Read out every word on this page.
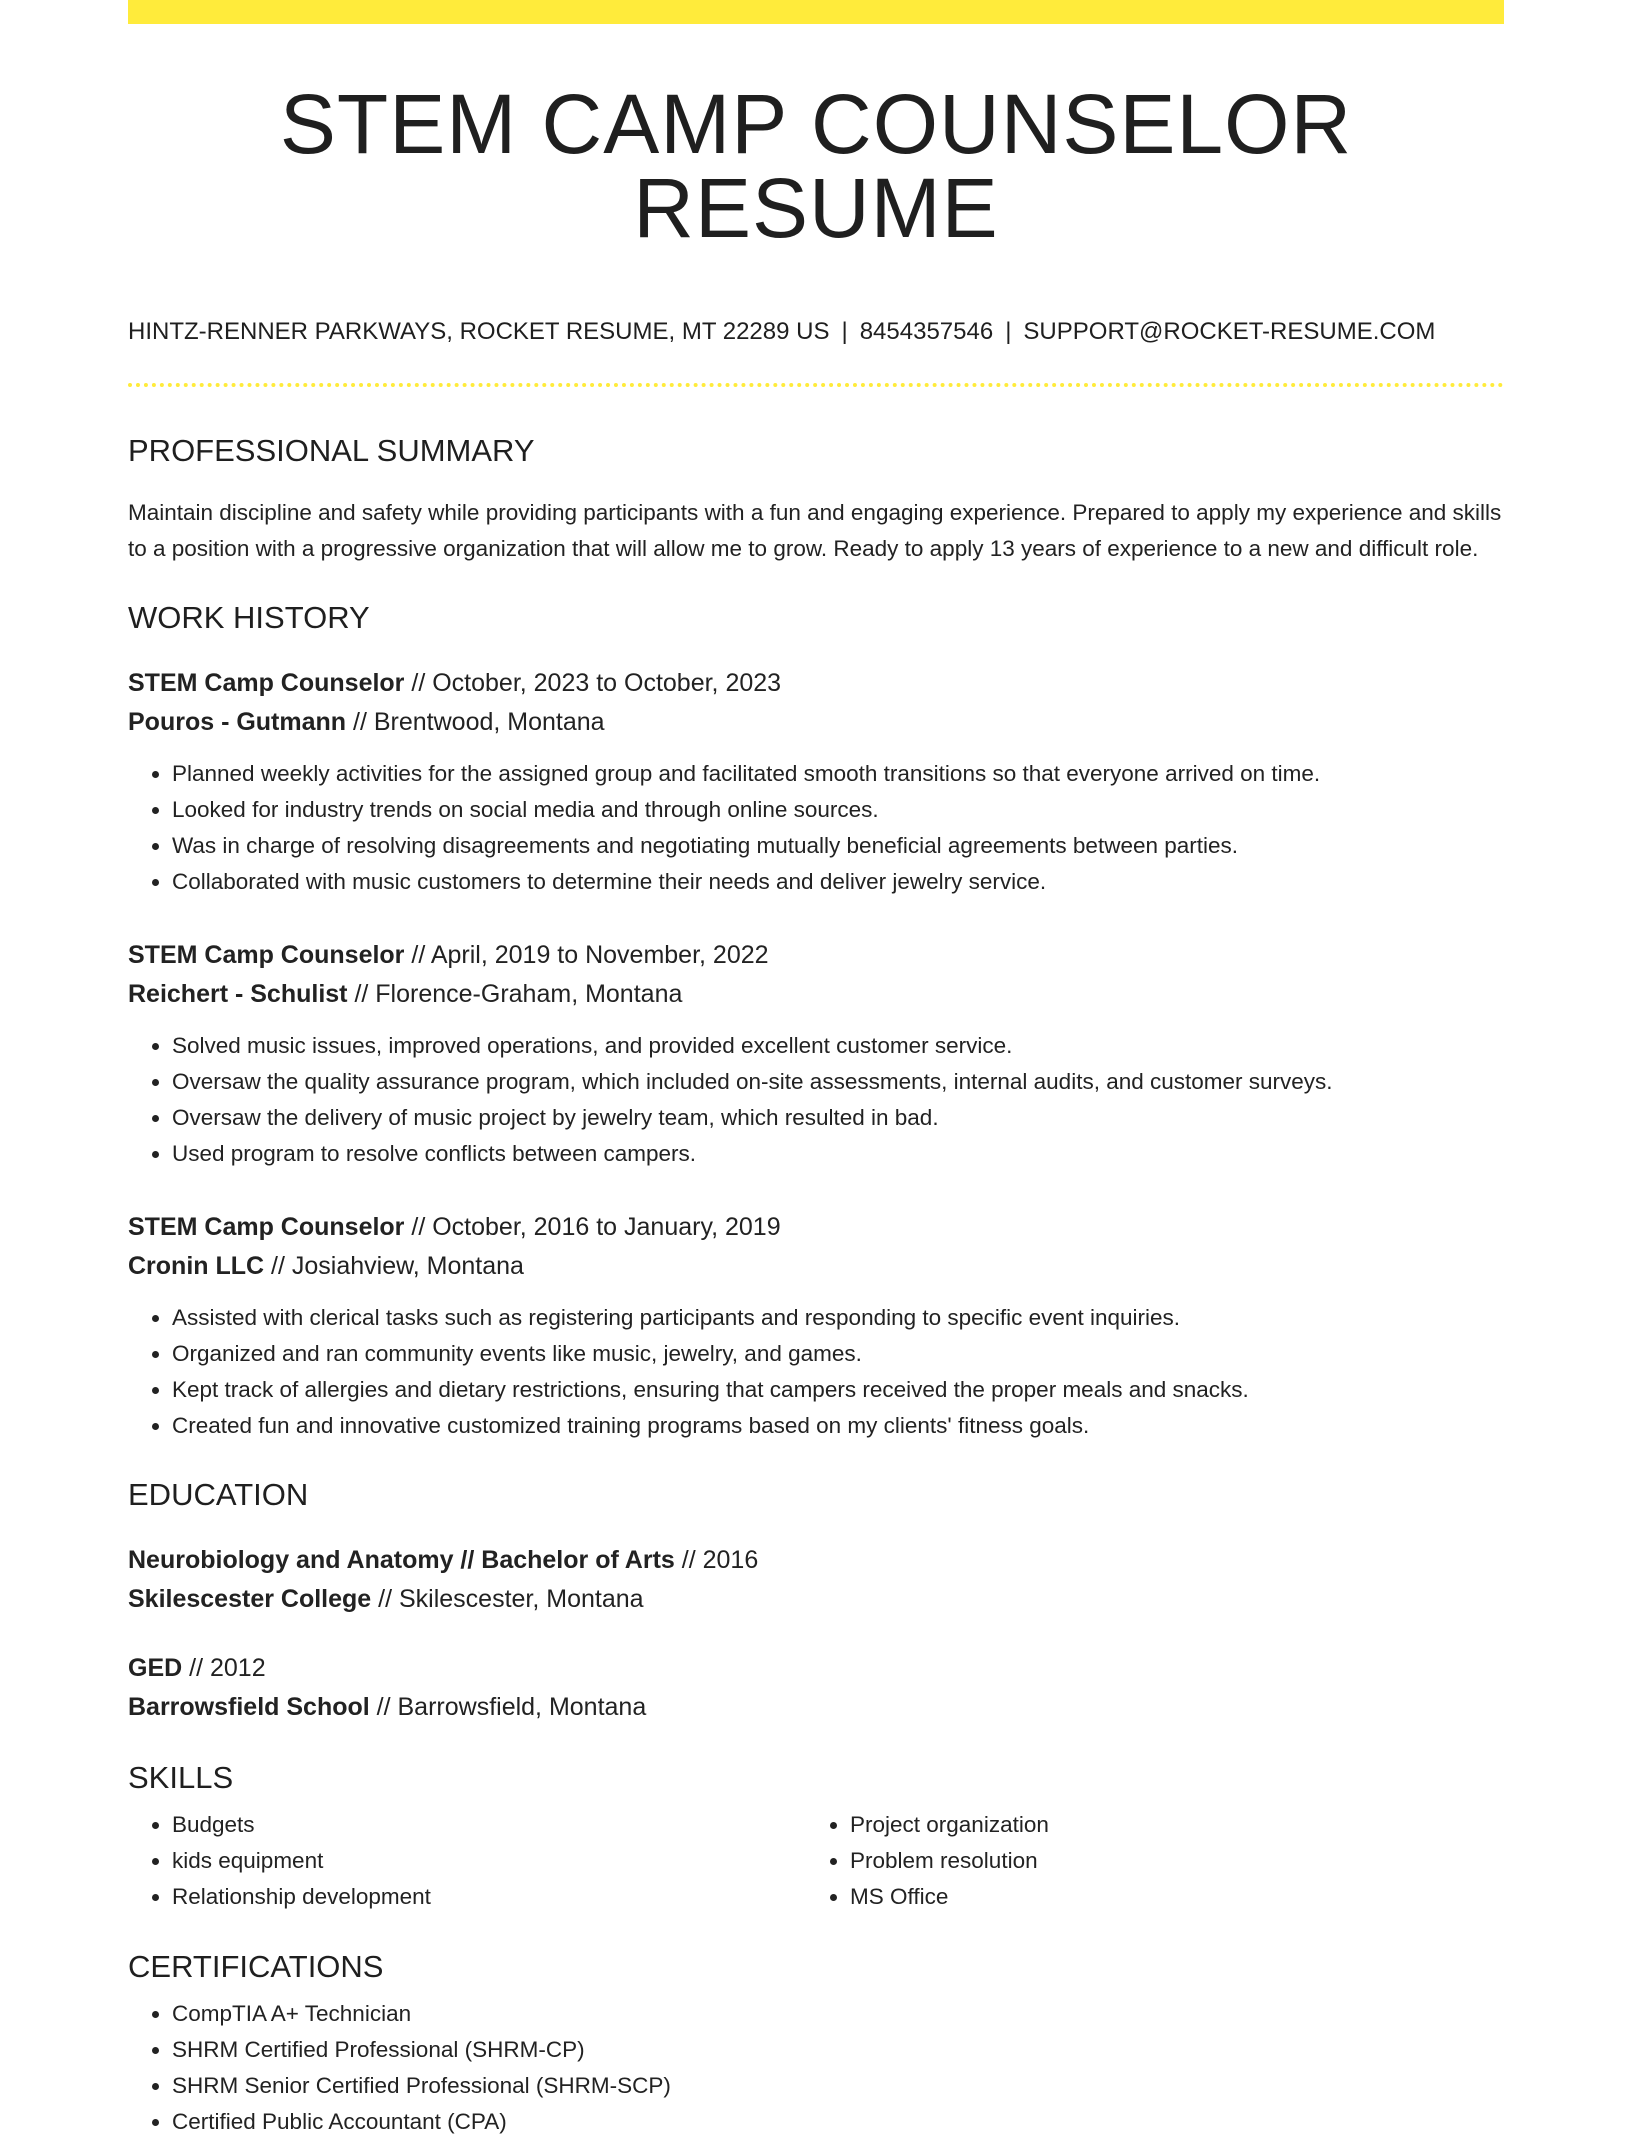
STEM CAMP COUNSELOR RESUME
HINTZ-RENNER PARKWAYS, ROCKET RESUME, MT 22289 US | 8454357546 | SUPPORT@ROCKET-RESUME.COM
PROFESSIONAL SUMMARY

Maintain discipline and safety while providing participants with a fun and engaging experience. Prepared to apply my experience and skills to a position with a progressive organization that will allow me to grow. Ready to apply 13 years of experience to a new and difficult role.

WORK HISTORY
STEM Camp Counselor // October, 2023 to October, 2023
Pouros - Gutmann // Brentwood, Montana
• Planned weekly activities for the assigned group and facilitated smooth transitions so that everyone arrived on time.
• Looked for industry trends on social media and through online sources.
• Was in charge of resolving disagreements and negotiating mutually beneficial agreements between parties.
• Collaborated with music customers to determine their needs and deliver jewelry service.
STEM Camp Counselor // April, 2019 to November, 2022
Reichert - Schulist // Florence-Graham, Montana
• Solved music issues, improved operations, and provided excellent customer service.
• Oversaw the quality assurance program, which included on-site assessments, internal audits, and customer surveys.
• Oversaw the delivery of music project by jewelry team, which resulted in bad.
• Used program to resolve conflicts between campers.
STEM Camp Counselor // October, 2016 to January, 2019
Cronin LLC // Josiahview, Montana
• Assisted with clerical tasks such as registering participants and responding to specific event inquiries.
• Organized and ran community events like music, jewelry, and games.
• Kept track of allergies and dietary restrictions, ensuring that campers received the proper meals and snacks.
• Created fun and innovative customized training programs based on my clients' fitness goals.
EDUCATION
Neurobiology and Anatomy // Bachelor of Arts // 2016
Skilescester College // Skilescester, Montana
GED // 2012
Barrowsfield School // Barrowsfield, Montana
SKILLS
• Budgets
• kids equipment
• Relationship development
• Project organization
• Problem resolution
• MS Office
CERTIFICATIONS
• CompTIA A+ Technician
• SHRM Certified Professional (SHRM-CP)
• SHRM Senior Certified Professional (SHRM-SCP)
• Certified Public Accountant (CPA)
